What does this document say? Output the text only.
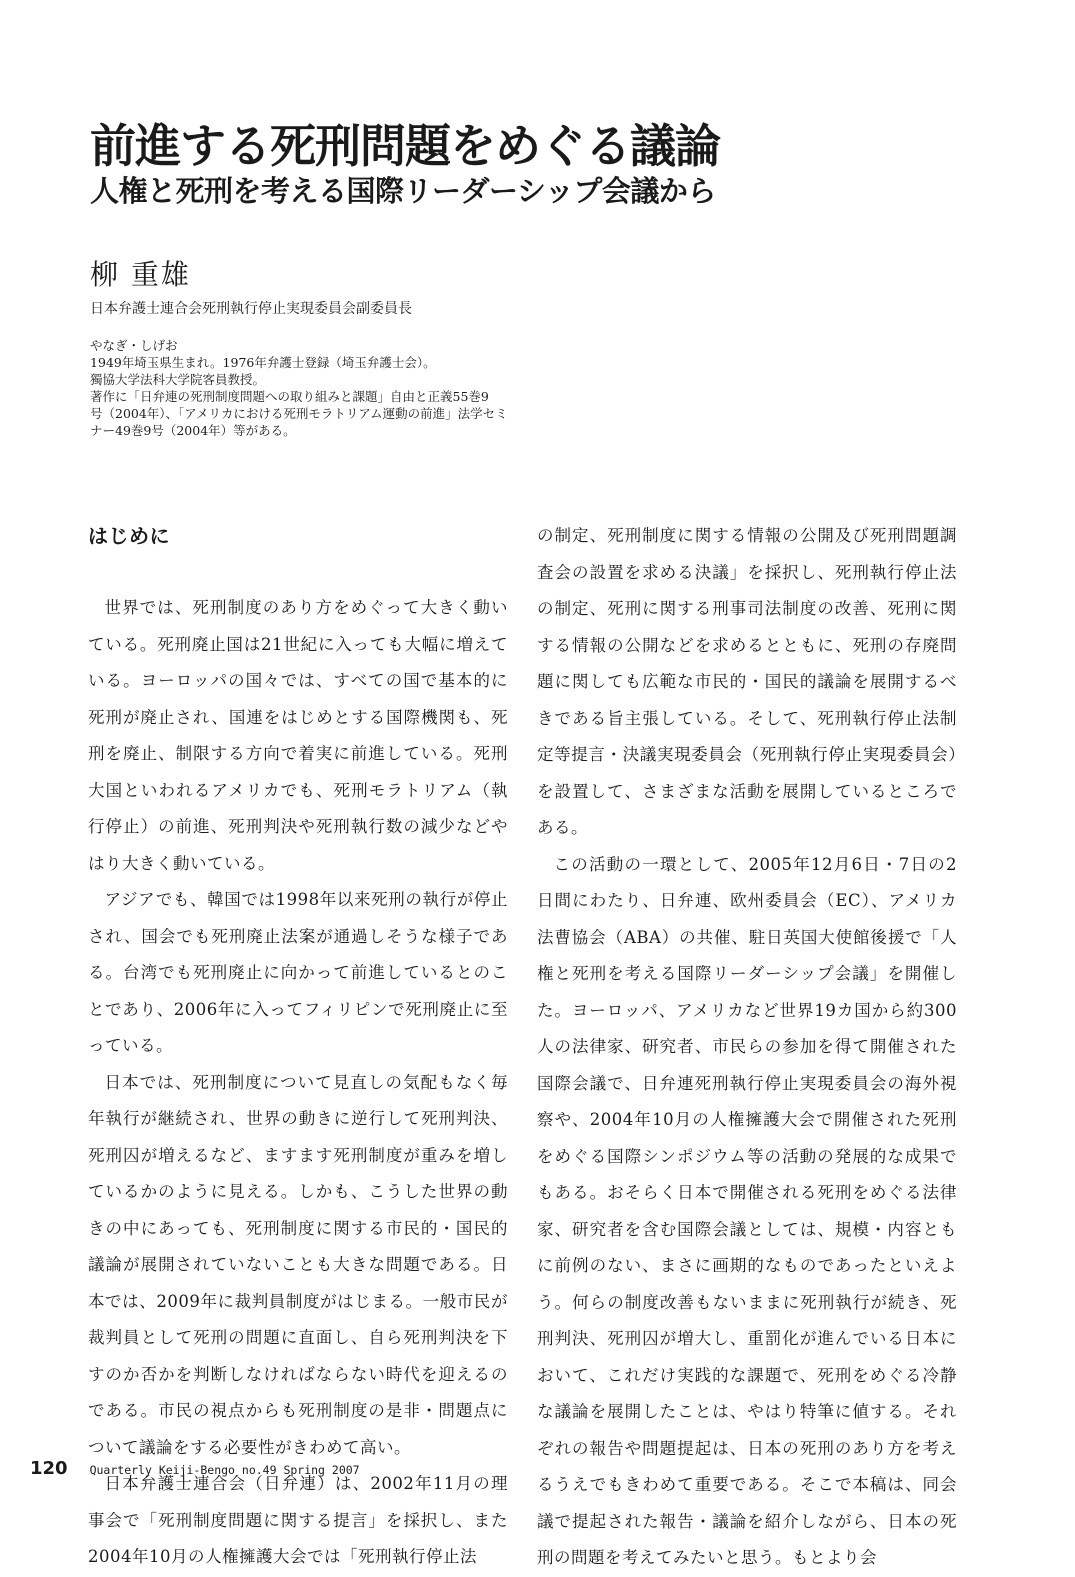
前進する死刑問題をめぐる議論
人権と死刑を考える国際リーダーシップ会議から
柳 重雄
日本弁護士連合会死刑執行停止実現委員会副委員長
やなぎ・しげお
1949年埼玉県生まれ。1976年弁護士登録（埼玉弁護士会）。
獨協大学法科大学院客員教授。
著作に「日弁連の死刑制度問題への取り組みと課題」自由と正義55巻9
号（2004年）、「アメリカにおける死刑モラトリアム運動の前進」法学セミ
ナー49巻9号（2004年）等がある。
はじめに

世界では、死刑制度のあり方をめぐって大きく動いている。死刑廃止国は21世紀に入っても大幅に増えている。ヨーロッパの国々では、すべての国で基本的に死刑が廃止され、国連をはじめとする国際機関も、死刑を廃止、制限する方向で着実に前進している。死刑大国といわれるアメリカでも、死刑モラトリアム（執行停止）の前進、死刑判決や死刑執行数の減少などやはり大きく動いている。

アジアでも、韓国では1998年以来死刑の執行が停止され、国会でも死刑廃止法案が通過しそうな様子である。台湾でも死刑廃止に向かって前進しているとのことであり、2006年に入ってフィリピンで死刑廃止に至っている。

日本では、死刑制度について見直しの気配もなく毎年執行が継続され、世界の動きに逆行して死刑判決、死刑囚が増えるなど、ますます死刑制度が重みを増しているかのように見える。しかも、こうした世界の動きの中にあっても、死刑制度に関する市民的・国民的議論が展開されていないことも大きな問題である。日本では、2009年に裁判員制度がはじまる。一般市民が裁判員として死刑の問題に直面し、自ら死刑判決を下すのか否かを判断しなければならない時代を迎えるのである。市民の視点からも死刑制度の是非・問題点について議論をする必要性がきわめて高い。

日本弁護士連合会（日弁連）は、2002年11月の理事会で「死刑制度問題に関する提言」を採択し、また2004年10月の人権擁護大会では「死刑執行停止法

の制定、死刑制度に関する情報の公開及び死刑問題調査会の設置を求める決議」を採択し、死刑執行停止法の制定、死刑に関する刑事司法制度の改善、死刑に関する情報の公開などを求めるとともに、死刑の存廃問題に関しても広範な市民的・国民的議論を展開するべきである旨主張している。そして、死刑執行停止法制定等提言・決議実現委員会（死刑執行停止実現委員会）を設置して、さまざまな活動を展開しているところである。

この活動の一環として、2005年12月6日・7日の2日間にわたり、日弁連、欧州委員会（EC）、アメリカ法曹協会（ABA）の共催、駐日英国大使館後援で「人権と死刑を考える国際リーダーシップ会議」を開催した。ヨーロッパ、アメリカなど世界19カ国から約300人の法律家、研究者、市民らの参加を得て開催された国際会議で、日弁連死刑執行停止実現委員会の海外視察や、2004年10月の人権擁護大会で開催された死刑をめぐる国際シンポジウム等の活動の発展的な成果でもある。おそらく日本で開催される死刑をめぐる法律家、研究者を含む国際会議としては、規模・内容ともに前例のない、まさに画期的なものであったといえよう。何らの制度改善もないままに死刑執行が続き、死刑判決、死刑囚が増大し、重罰化が進んでいる日本において、これだけ実践的な課題で、死刑をめぐる冷静な議論を展開したことは、やはり特筆に値する。それぞれの報告や問題提起は、日本の死刑のあり方を考えるうえでもきわめて重要である。そこで本稿は、同会議で提起された報告・議論を紹介しながら、日本の死刑の問題を考えてみたいと思う。もとより会

120 Quarterly Keiji-Bengo no.49 Spring 2007
